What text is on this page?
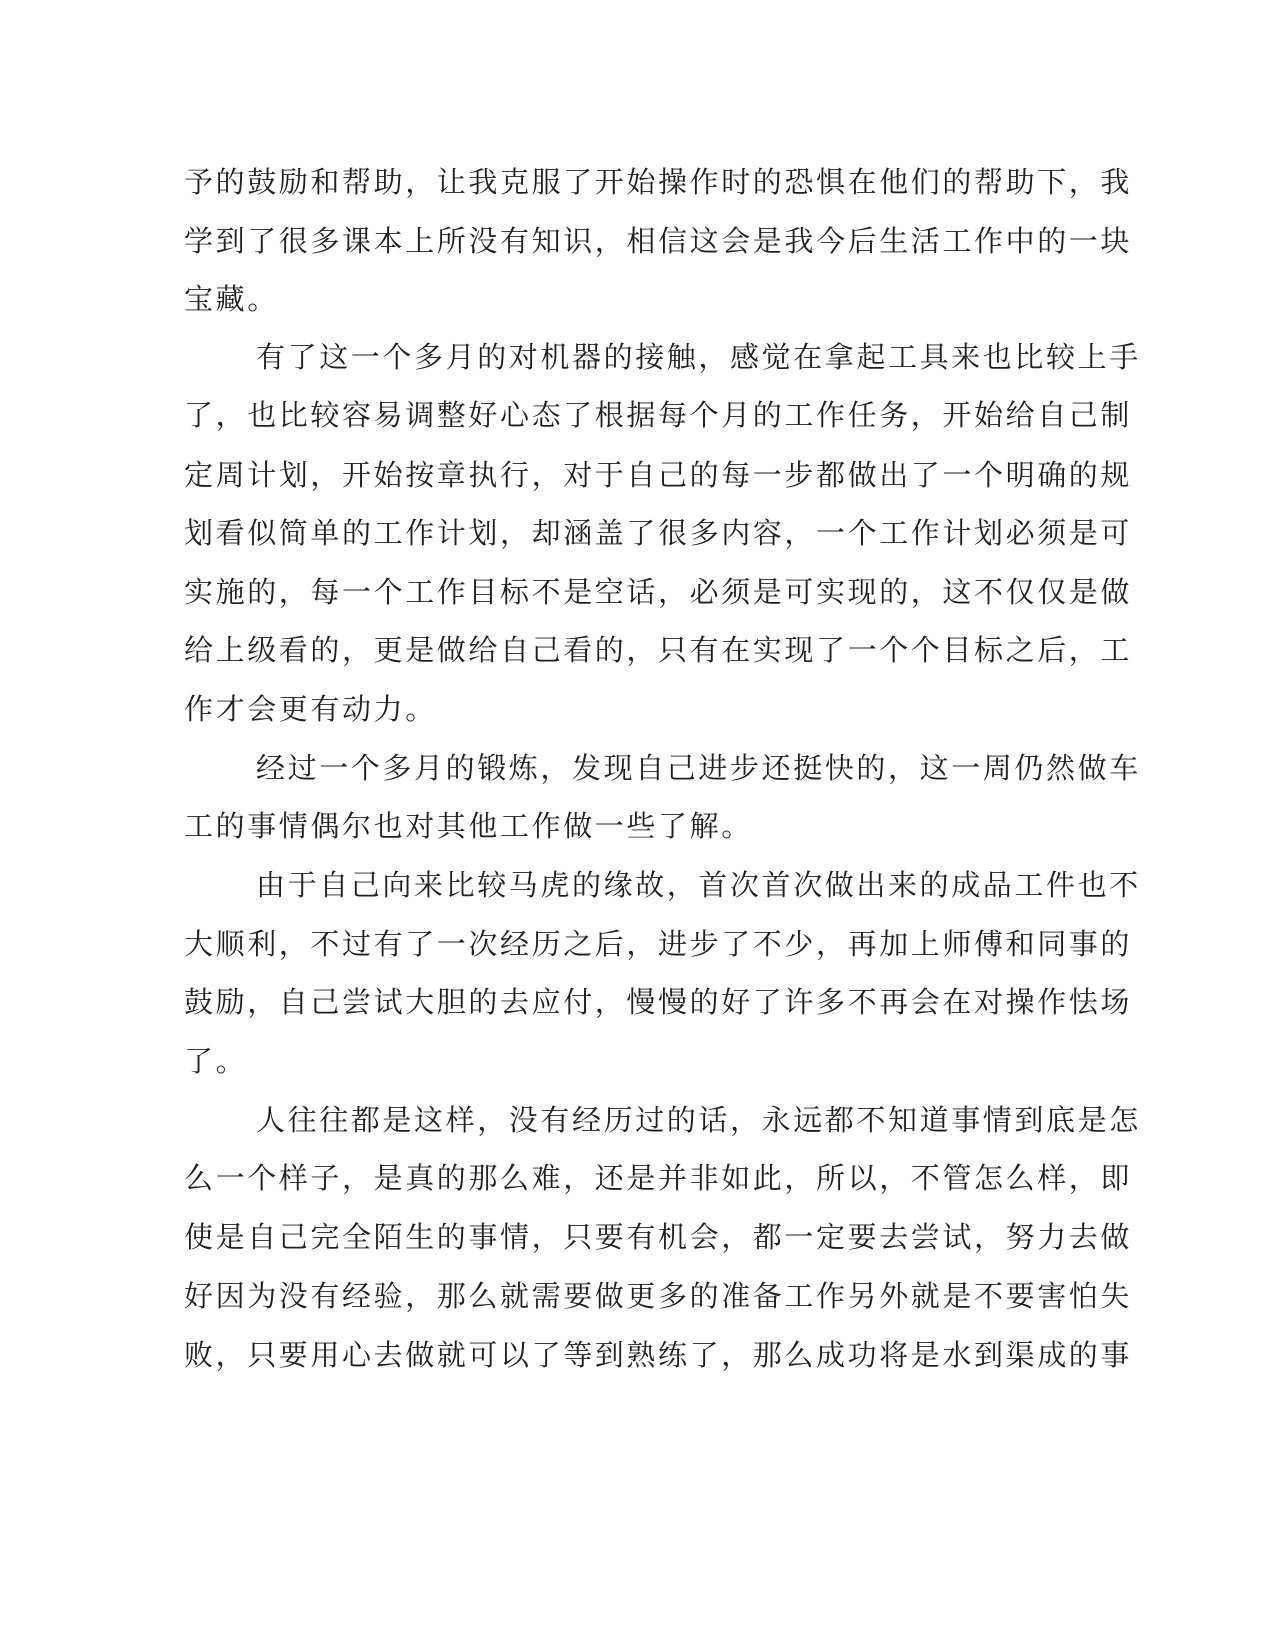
予的鼓励和帮助，让我克服了开始操作时的恐惧在他们的帮助下，我
学到了很多课本上所没有知识，相信这会是我今后生活工作中的一块
宝藏。
有了这一个多月的对机器的接触，感觉在拿起工具来也比较上手
了，也比较容易调整好心态了根据每个月的工作任务，开始给自己制
定周计划，开始按章执行，对于自己的每一步都做出了一个明确的规
划看似简单的工作计划，却涵盖了很多内容，一个工作计划必须是可
实施的，每一个工作目标不是空话，必须是可实现的，这不仅仅是做
给上级看的，更是做给自己看的，只有在实现了一个个目标之后，工
作才会更有动力。
经过一个多月的锻炼，发现自己进步还挺快的，这一周仍然做车
工的事情偶尔也对其他工作做一些了解。
由于自己向来比较马虎的缘故，首次首次做出来的成品工件也不
大顺利，不过有了一次经历之后，进步了不少，再加上师傅和同事的
鼓励，自己尝试大胆的去应付，慢慢的好了许多不再会在对操作怯场
了。
人往往都是这样，没有经历过的话，永远都不知道事情到底是怎
么一个样子，是真的那么难，还是并非如此，所以，不管怎么样，即
使是自己完全陌生的事情，只要有机会，都一定要去尝试，努力去做
好因为没有经验，那么就需要做更多的准备工作另外就是不要害怕失
败，只要用心去做就可以了等到熟练了，那么成功将是水到渠成的事
